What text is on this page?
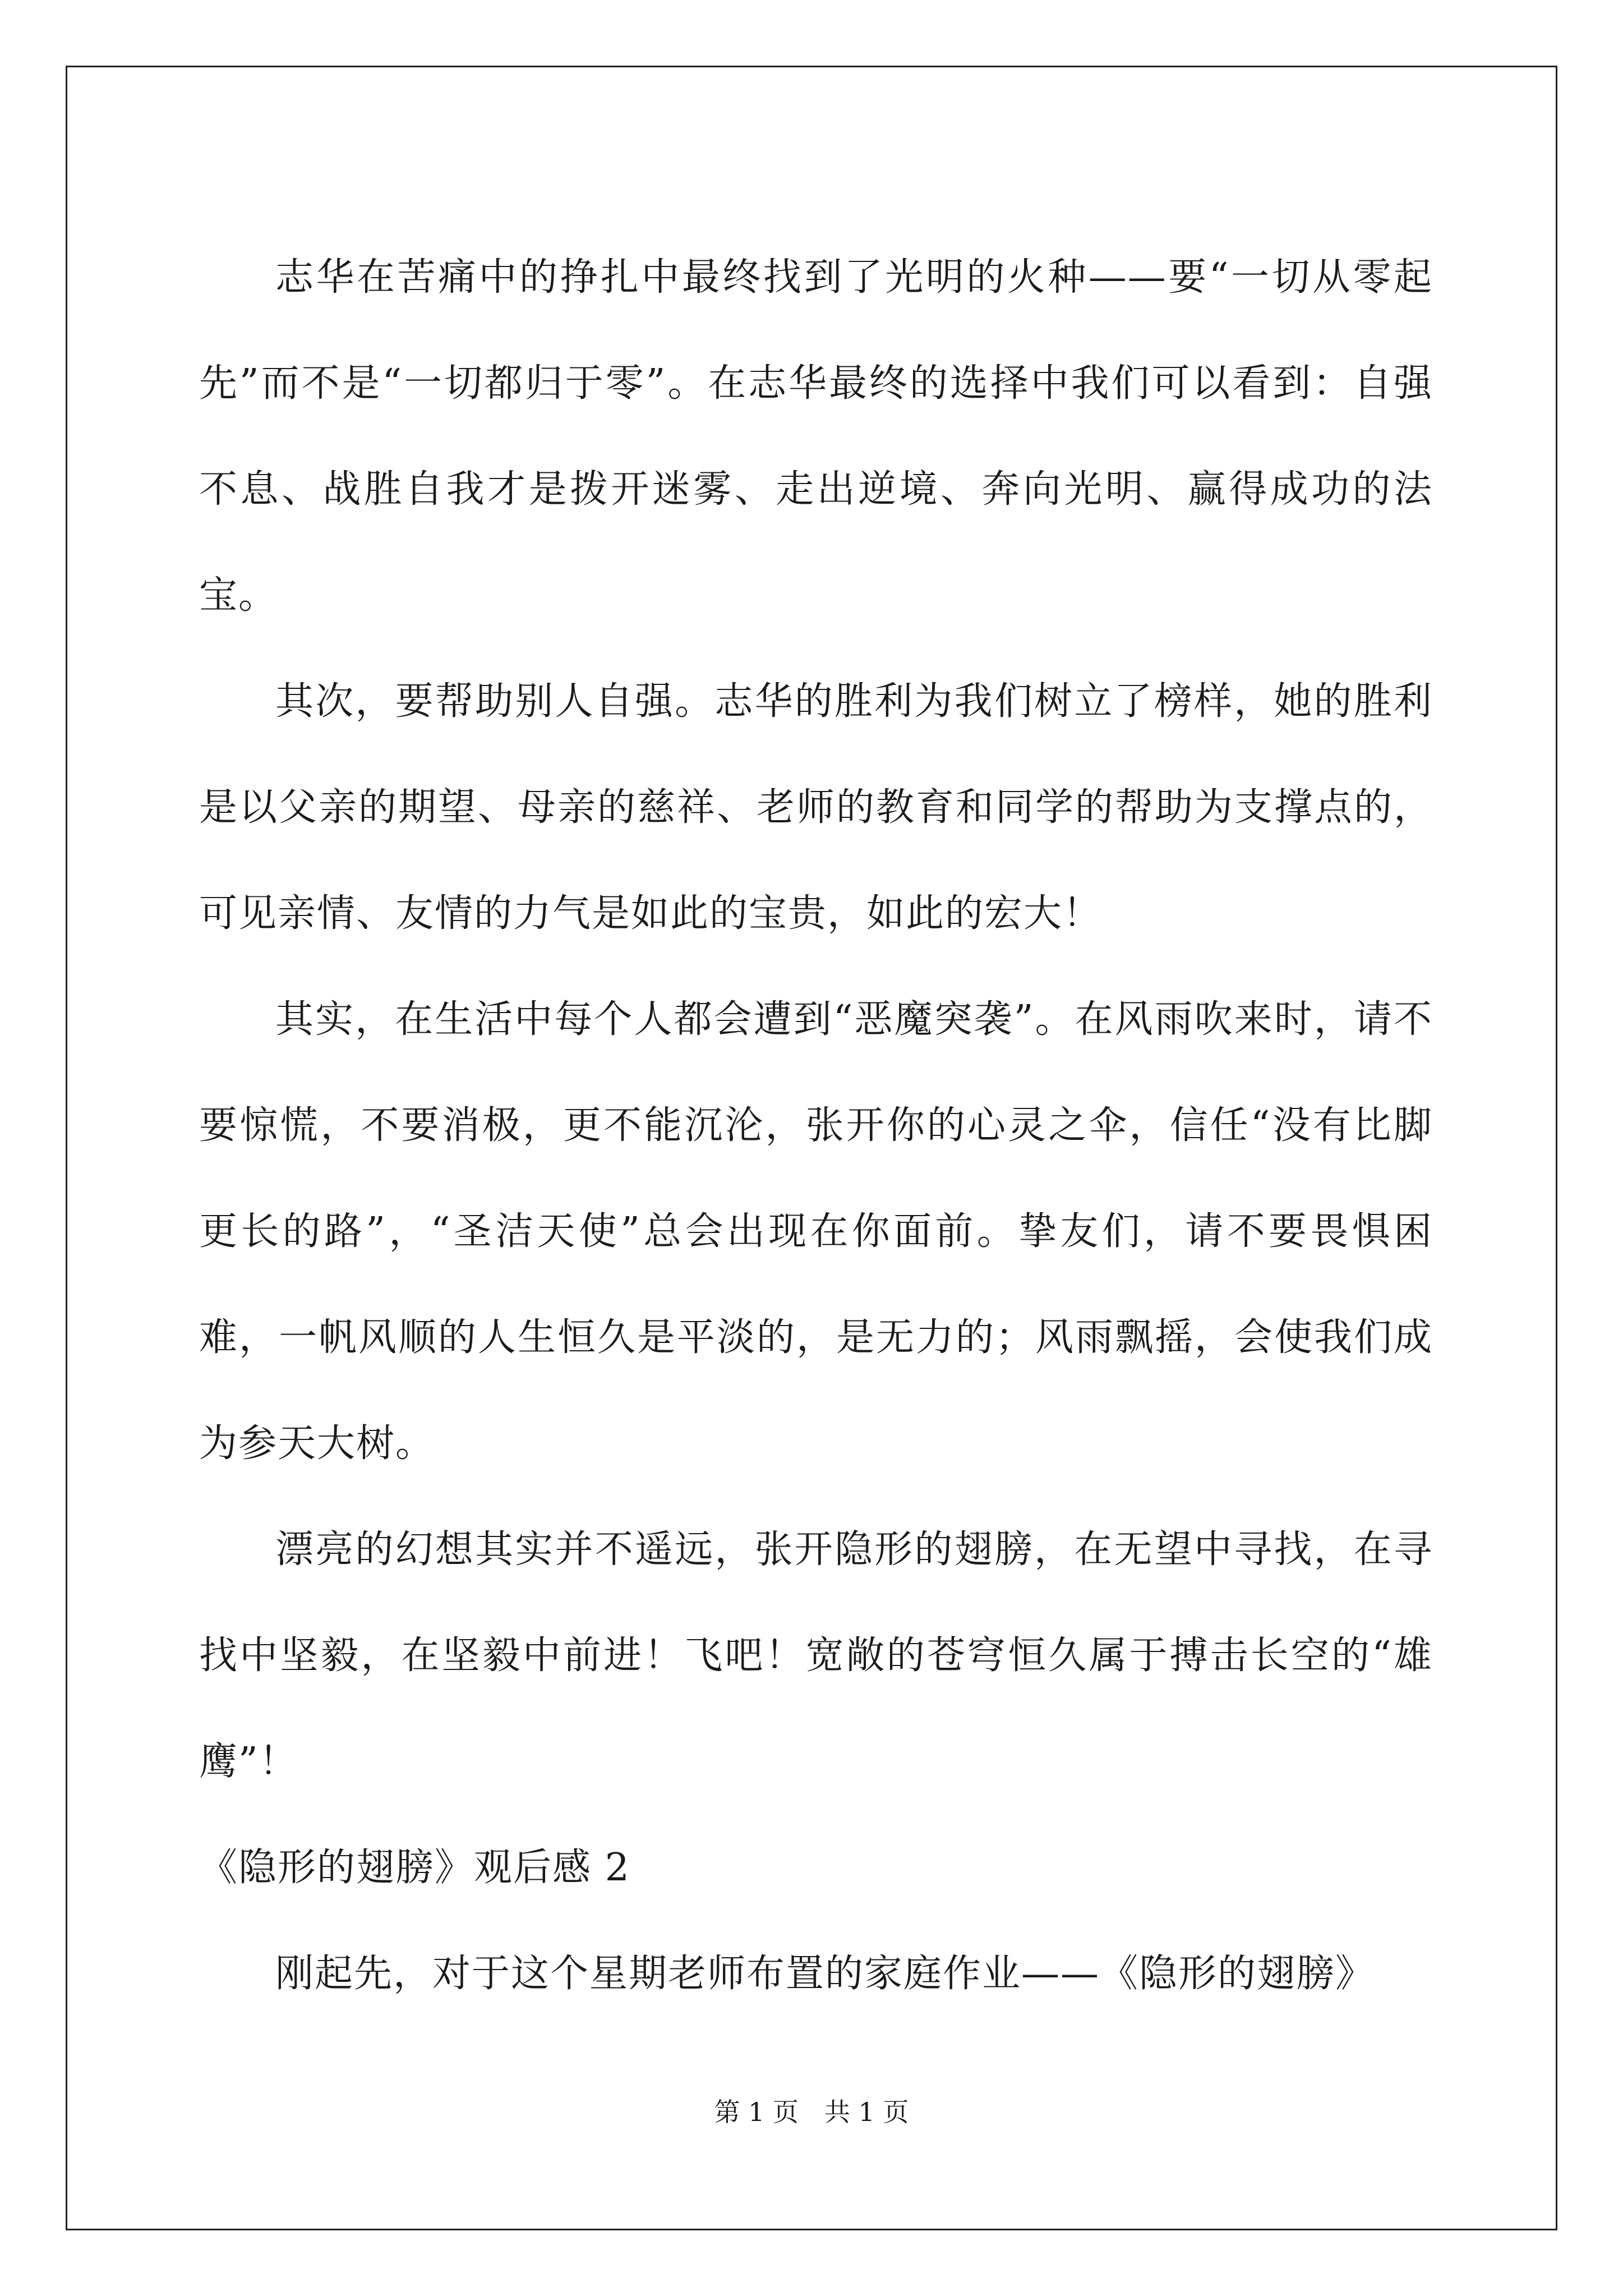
志华在苦痛中的挣扎中最终找到了光明的火种——要“一切从零起先”而不是“一切都归于零”。在志华最终的选择中我们可以看到：自强不息、战胜自我才是拨开迷雾、走出逆境、奔向光明、赢得成功的法宝。

其次，要帮助别人自强。志华的胜利为我们树立了榜样，她的胜利是以父亲的期望、母亲的慈祥、老师的教育和同学的帮助为支撑点的，可见亲情、友情的力气是如此的宝贵，如此的宏大！

其实，在生活中每个人都会遭到“恶魔突袭”。在风雨吹来时，请不要惊慌，不要消极，更不能沉沦，张开你的心灵之伞，信任“没有比脚更长的路”，“圣洁天使”总会出现在你面前。挚友们，请不要畏惧困难，一帆风顺的人生恒久是平淡的，是无力的；风雨飘摇，会使我们成为参天大树。

漂亮的幻想其实并不遥远，张开隐形的翅膀，在无望中寻找，在寻找中坚毅，在坚毅中前进！飞吧！宽敞的苍穹恒久属于搏击长空的“雄鹰”！

《隐形的翅膀》观后感 2

刚起先，对于这个星期老师布置的家庭作业——《隐形的翅膀》

第 1 页　共 1 页
